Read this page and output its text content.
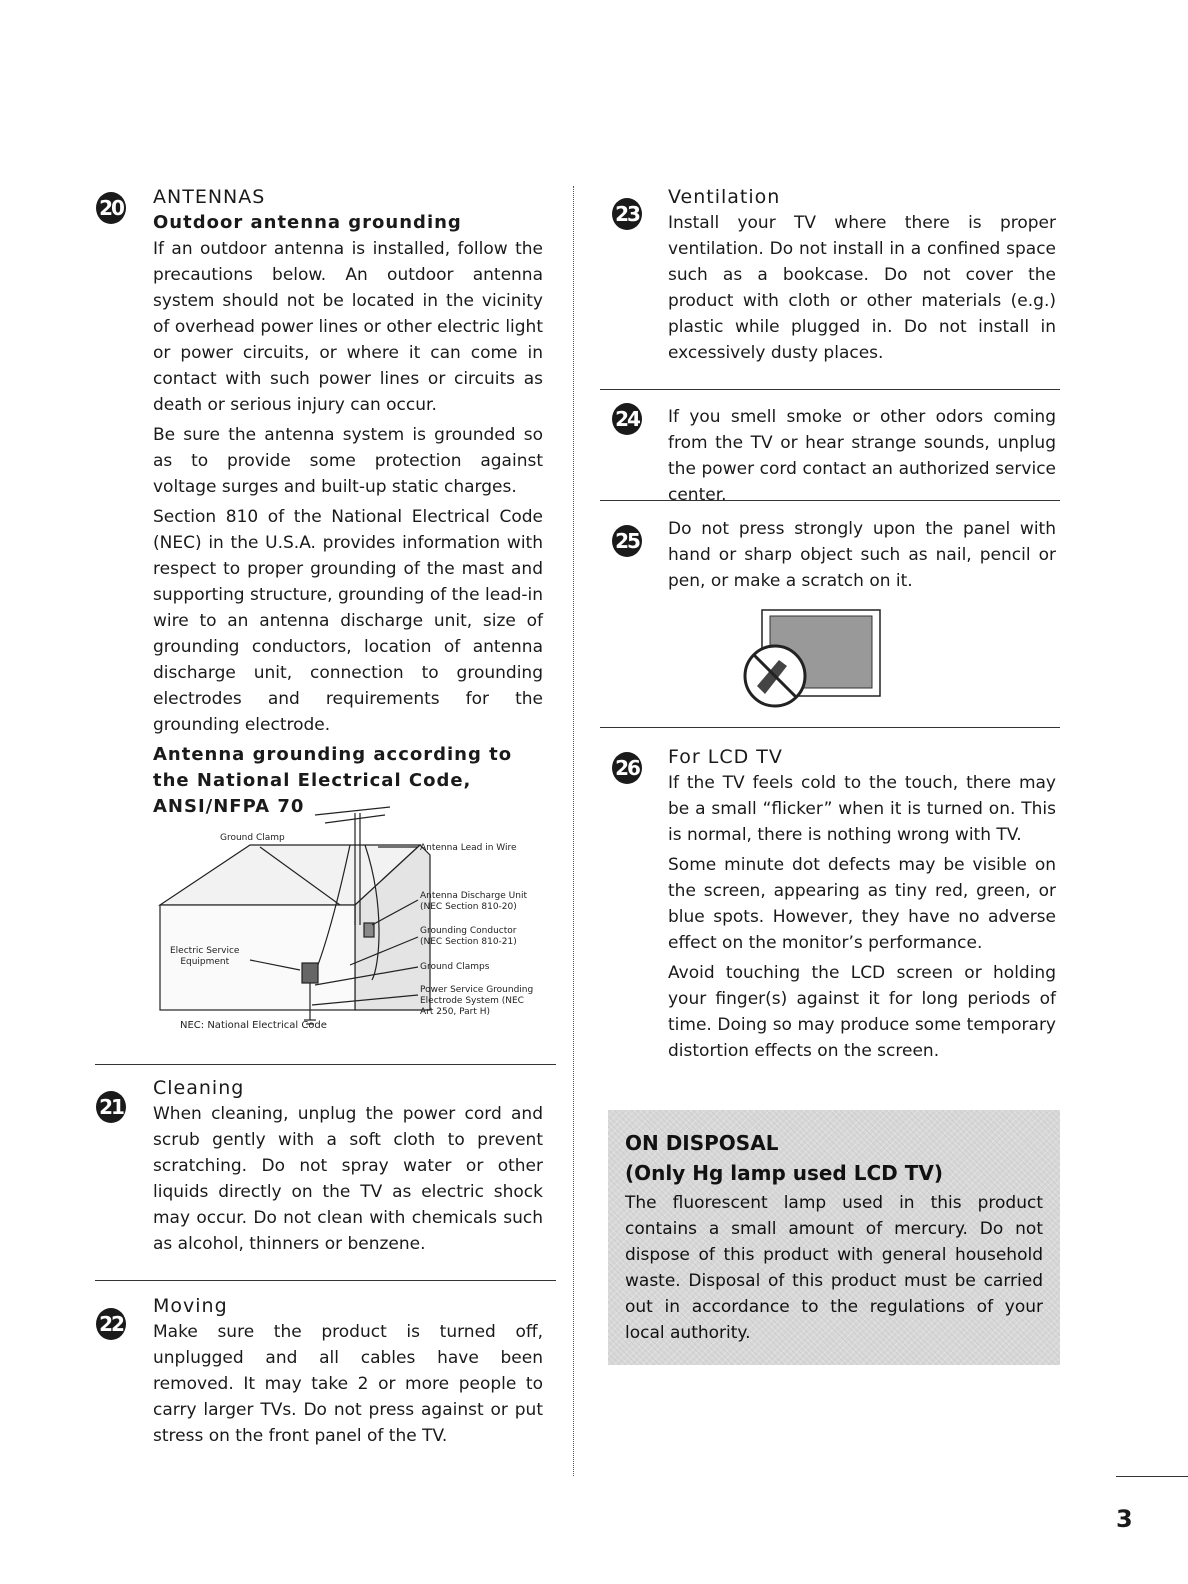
20 ANTENNAS
Outdoor antenna grounding

If an outdoor antenna is installed, follow the precautions below. An outdoor antenna system should not be located in the vicinity of overhead power lines or other electric light or power circuits, or where it can come in contact with such power lines or circuits as death or serious injury can occur.

Be sure the antenna system is grounded so as to provide some protection against voltage surges and built-up static charges.

Section 810 of the National Electrical Code (NEC) in the U.S.A. provides information with respect to proper grounding of the mast and supporting structure, grounding of the lead-in wire to an antenna discharge unit, size of grounding conductors, location of antenna discharge unit, connection to grounding electrodes and requirements for the grounding electrode.

Antenna grounding according to the National Electrical Code, ANSI/NFPA 70
Ground Clamp
Antenna Lead in Wire
Antenna Discharge Unit
(NEC Section 810-20)
Grounding Conductor
(NEC Section 810-21)
Ground Clamps
Power Service Grounding
Electrode System (NEC
Art 250, Part H)
Electric Service
Equipment
NEC: National Electrical Code
21
Cleaning

When cleaning, unplug the power cord and scrub gently with a soft cloth to prevent scratching. Do not spray water or other liquids directly on the TV as electric shock may occur. Do not clean with chemicals such as alcohol, thinners or benzene.

22
Moving

Make sure the product is turned off, unplugged and all cables have been removed. It may take 2 or more people to carry larger TVs. Do not press against or put stress on the front panel of the TV.

23
Ventilation

Install your TV where there is proper ventilation. Do not install in a confined space such as a bookcase. Do not cover the product with cloth or other materials (e.g.) plastic while plugged in. Do not install in excessively dusty places.

24 If you smell smoke or other odors coming from the TV or hear strange sounds, unplug the power cord contact an authorized service center.

25 Do not press strongly upon the panel with hand or sharp object such as nail, pencil or pen, or make a scratch on it.

26 For LCD TV

If the TV feels cold to the touch, there may be a small “flicker” when it is turned on. This is normal, there is nothing wrong with TV.

Some minute dot defects may be visible on the screen, appearing as tiny red, green, or blue spots. However, they have no adverse effect on the monitor’s performance.

Avoid touching the LCD screen or holding your finger(s) against it for long periods of time. Doing so may produce some temporary distortion effects on the screen.

ON DISPOSAL
(Only Hg lamp used LCD TV)

The fluorescent lamp used in this product contains a small amount of mercury. Do not dispose of this product with general household waste. Disposal of this product must be carried out in accordance to the regulations of your local authority.

3
